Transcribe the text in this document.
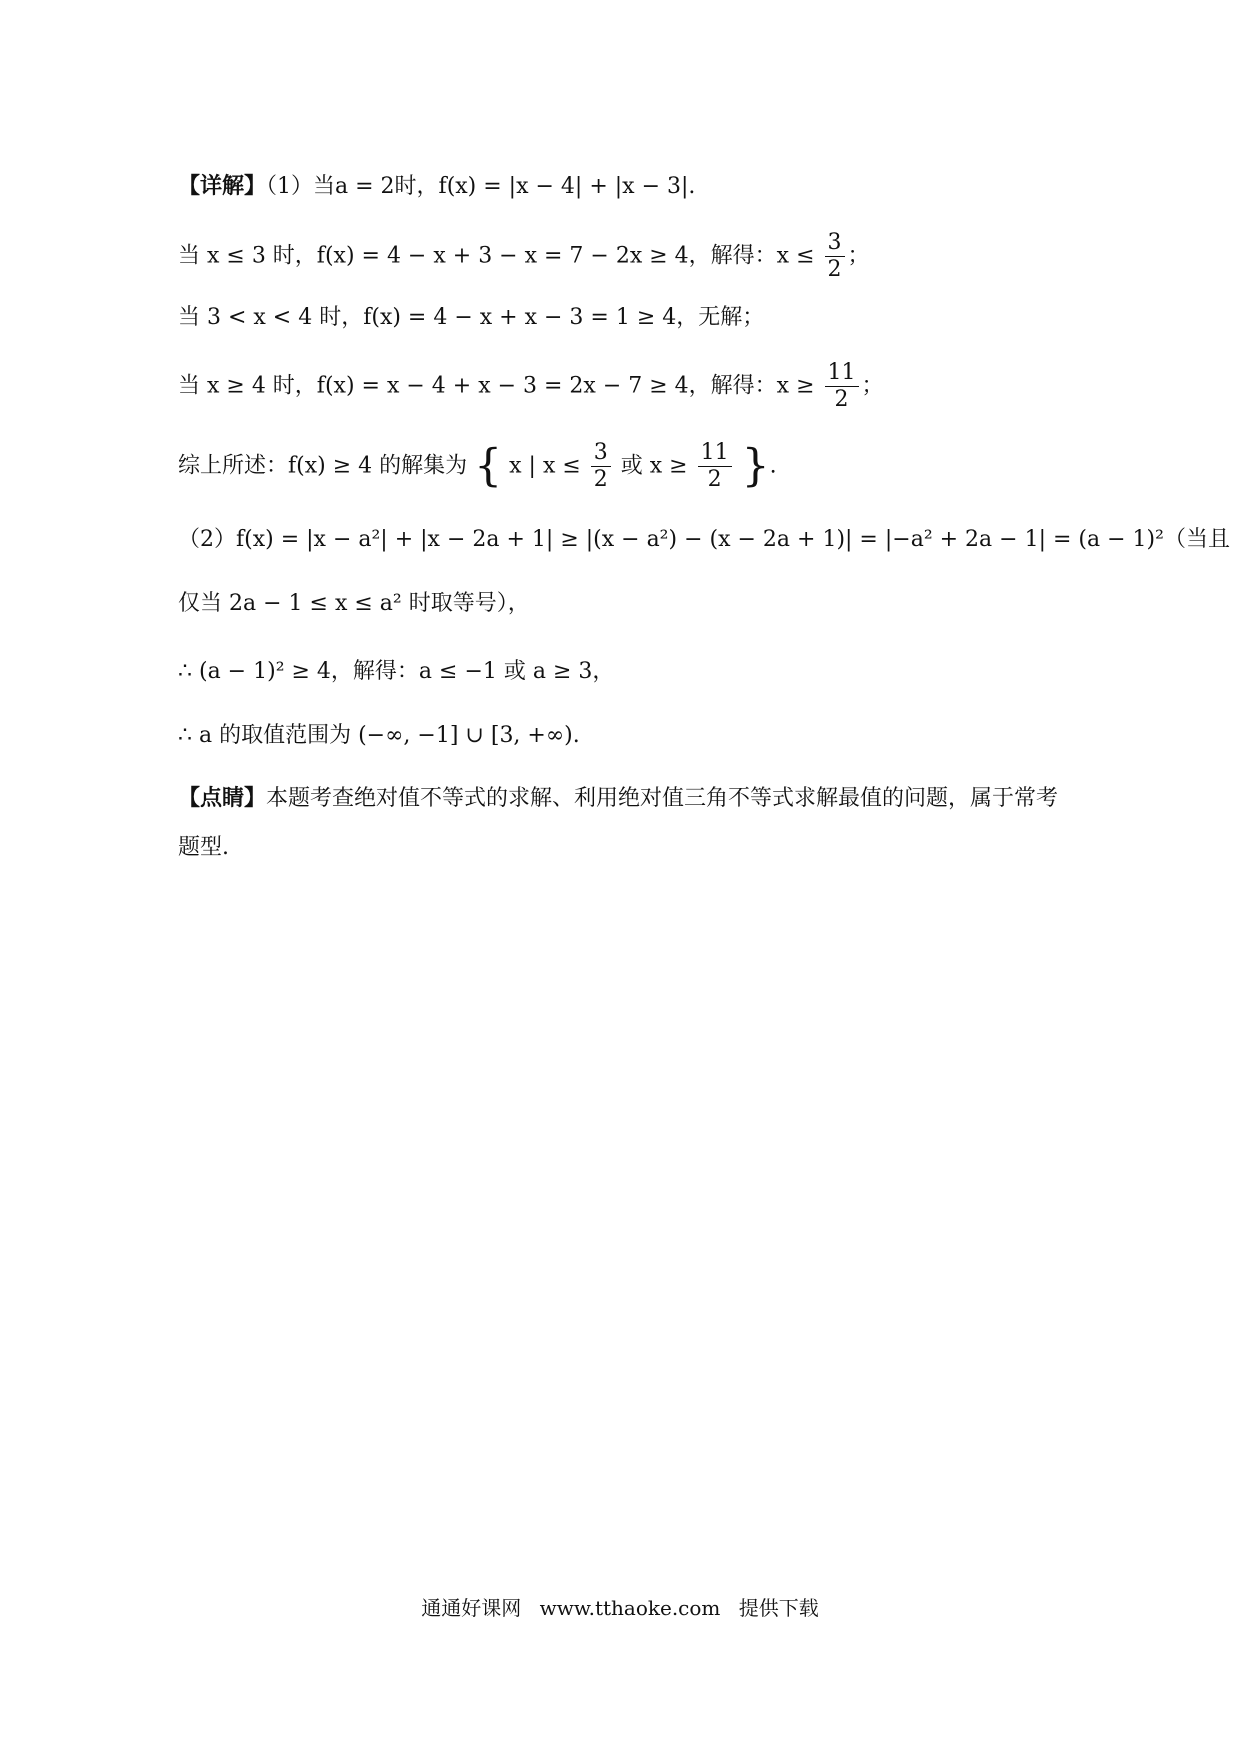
【详解】（1）当a = 2时，f(x) = |x − 4| + |x − 3|.
当 x ≤ 3 时，f(x) = 4 − x + 3 − x = 7 − 2x ≥ 4，解得：$x \le \frac{3}{2}$ ；
当 3 < x < 4 时，f(x) = 4 − x + x − 3 = 1 ≥ 4，无解；
当 x ≥ 4 时，f(x) = x − 4 + x − 3 = 2x − 7 ≥ 4，解得：$x \ge \frac{11}{2}$ ；
综上所述：f(x) ≥ 4 的解集为 { x | $x \le \frac{3}{2}$ 或 $x \ge \frac{11}{2}$ }.
（2）f(x) = |x − a²| + |x − 2a + 1| ≥ |(x − a²) − (x − 2a + 1)| = |−a² + 2a − 1| = (a − 1)²（当且
仅当 2a − 1 ≤ x ≤ a² 时取等号），
∴ (a − 1)² ≥ 4，解得：a ≤ −1 或 a ≥ 3，
∴ a 的取值范围为 (−∞, −1] ∪ [3, +∞).
【点睛】本题考查绝对值不等式的求解、利用绝对值三角不等式求解最值的问题，属于常考
题型.
通通好课网 www.tthaoke.com 提供下载
